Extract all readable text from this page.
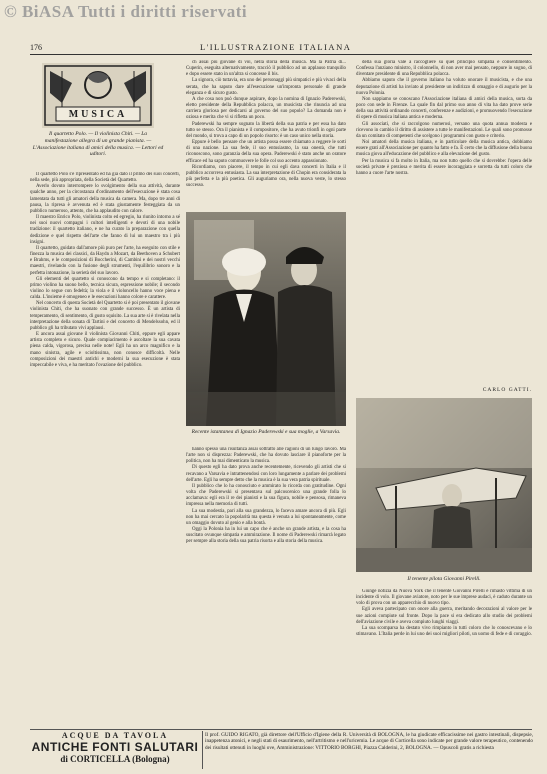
© BiASA Tutti i diritti riservati
176	L'ILLUSTRAZIONE ITALIANA
MUSICA
Il quartetto Polo. — Il violinista Chiti. — La manifestazione allegra di un grande pianista. — L'Associazione italiana di amici della musica. — Lettori ed uditori.

Il quartetto Polo s'è ripresentato ed ha già dato il primo dei suoi concerti, nella sede, più appropriata, della Società del Quartetto.

Averlo dovuto interrompere lo svolgimento della sua attività, durante qualche anno, per la circostanza d'ordinamento dell'esecuzione è stata cosa lamentata da tutti gli amatori della musica da camera. Ma, dopo tre anni di pausa, la ripresa è avvenuta ed è stata giustamente festeggiata da un pubblico numeroso, attento, che ha applaudito con calore.

Il maestro Enrico Polo, violinista colto ed egregio, ha riunito intorno a sé nei suoi nuovi compagni i cultori intelligenti e devoti di una nobile tradizione: il quartetto italiano, e ne ha curato la preparazione con quella dedizione e quel rispetto dell'arte che fanno di lui un maestro tra i più insigni.

Il quartetto, guidato dall'amore più puro per l'arte, ha eseguito con stile e finezza la musica dei classici, da Haydn a Mozart, da Beethoven a Schubert e Brahms, e le composizioni di Boccherini, di Cambini e dei nostri vecchi maestri, rivelando con la fusione degli strumenti, l'equilibrio sonoro e la perfetta intonazione, la serietà del suo lavoro.

Gli elementi del quartetto si conoscono da tempo e si completano: il primo violino ha suono bello, tecnica sicura, espressione nobile; il secondo violino lo segue con fedeltà; la viola e il violoncello hanno voce piena e calda. L'insieme è omogeneo e le esecuzioni hanno colore e carattere.

Nel concerto di questa Società del Quartetto si è poi presentato il giovane violinista Chiti, che ha suonato con grande successo. È un artista di temperamento, di sentimento, di gusto squisito. La sua arte si è rivelata nella interpretazione della sonata di Tartini e del concerto di Mendelssohn, ed il pubblico gli ha tributato vivi applausi.

E ancora assai giovane il violinista Giovanni Chiti, eppure egli appare artista completo e sicuro. Quale compiacimento è ascoltare la sua cavata piena calda, vigorosa, precisa nelle note! Egli ha un arco magnifico e la mano sinistra, agile e scioltissima, non conosce difficoltà. Nelle composizioni dei maestri antichi e moderni la sua esecuzione è stata impeccabile e viva, e ha meritato l'ovazione del pubblico.

ch assai più giovane di voi, nella storia della musica. Ma la Patria di... Cuperin, eseguita alternativamente, tracciò il pubblico ad un applauso tranquillo e dopo essere stato in un'altra si concesse il bis.

La signora, ciò tuttavia, era uno dei personaggi più simpatici e più vivaci della serata, che ha saputo dare all'esecuzione un'impronta personale di grande eleganza e di sicuro gusto.

A che cosa non può dunque aspirare, dopo la nomina di Ignazio Paderewski, eletto presidente della Repubblica polacca, un musicista che rinuncia ad una carriera gloriosa per dedicarsi al governo del suo popolo? La domanda non è oziosa e merita che vi si rifletta un poco.

Paderewski ha sempre sognato la libertà della sua patria e per essa ha dato tutto se stesso. Ora il pianista e il compositore, che ha avuto trionfi in ogni parte del mondo, si trova a capo di un popolo risorto: è un caso unico nella storia.

Eppure è bello pensare che un artista possa essere chiamato a reggere le sorti di una nazione. La sua fede, il suo entusiasmo, la sua onestà, che tutti riconoscono, sono garanzia della sua opera. Paderewski è stato anche un oratore efficace ed ha saputo commuovere le folle col suo accento appassionato.

Ricordiamo, con piacere, il tempo in cui egli dava concerti in Italia e il pubblico accorreva entusiasta. La sua interpretazione di Chopin era considerata la più perfetta e la più poetica. Gli auguriamo ora, nella nuova veste, lo stesso successo.

Recente istantanea di Ignazio Paderewski e sua moglie, a Varsavia.

hanno spesso una risultanza assai sottratto alle ragioni di un lungo lavoro. Ma l'arte non si disprezza: Paderewski, che ha dovuto lasciare il pianoforte per la politica, non ha mai dimenticato la musica.

Di questo egli ha dato prova anche recentemente, ricevendo gli artisti che si recavano a Varsavia e intrattenendosi con loro lungamente a parlare dei problemi dell'arte. Egli ha sempre detto che la musica è la sua vera patria spirituale.

Il pubblico che lo ha conosciuto e ammirato lo ricorda con gratitudine. Ogni volta che Paderewski si presentava sul palcoscenico una grande folla lo acclamava: egli era il re dei pianisti e la sua figura, nobile e pensosa, rimaneva impressa nella memoria di tutti.

La sua modestia, pari alla sua grandezza, lo faceva amare ancora di più. Egli non ha mai cercato la popolarità ma questa è venuta a lui spontaneamente, come un omaggio dovuto al genio e alla bontà.

Oggi la Polonia ha in lui un capo che è anche un grande artista, e la cosa ha suscitato ovunque simpatia e ammirazione. Il nome di Paderewski rimarrà legato per sempre alla storia della sua patria risorta e alla storia della musica.

della sua gloria vale a raccogliere su quel principio simpatia e consentimento. Confessa l'anziano ministro, il colonnello, di non aver mai pensato, neppure in sogno, di diventare presidente di una Repubblica polacca.

Abbiamo saputo che il governo italiano ha voluto onorare il musicista, e che una deputazione di artisti ha inviato al presidente un indirizzo di omaggio e di augurio per la nuova Polonia.

Non sappiamo se conoscano l'Associazione italiana di amici della musica, sorta da poco con sede in Firenze. La quale fin dal primo suo anno di vita ha dato prove serie della sua attività ordinando concerti, conferenze e audizioni, e promuovendo l'esecuzione di opere di musica italiana antica e moderna.

Gli associati, che si raccolgono numerosi, versano una quota annua modesta e ricevono in cambio il diritto di assistere a tutte le manifestazioni. Le quali sono promosse da un comitato di competenti che scelgono i programmi con gusto e criterio.

Noi amatori della musica italiana, e in particolare della musica antica, dobbiamo essere grati all'Associazione per quanto ha fatto e fa. È certo che la diffusione della buona musica giova all'educazione del pubblico e alla elevazione del gusto.

Per la musica si fa molto in Italia, ma non tutto quello che si dovrebbe: l'opera delle società private è preziosa e merita di essere incoraggiata e sorretta da tutti coloro che hanno a cuore l'arte nostra.

CARLO GATTI.
Il tenente pilota Giovanni Pirelli.

Giunge notizia da Nuova York che il tenente Giovanni Pirelli è rimasto vittima di un incidente di volo. Il giovane aviatore, noto per le sue imprese audaci, è caduto durante un volo di prova con un apparecchio di nuovo tipo.

Egli aveva partecipato con onore alla guerra, meritando decorazioni al valore per le sue azioni compiute sul fronte. Dopo la pace si era dedicato allo studio dei problemi dell'aviazione civile e aveva compiuto lunghi viaggi.

La sua scomparsa ha destato vivo rimpianto in tutti coloro che lo conoscevano e lo stimavano. L'Italia perde in lui uno dei suoi migliori piloti, un uomo di fede e di coraggio.

ACQUE DA TAVOLA
ANTICHE FONTI SALUTARI
di CORTICELLA (Bologna)
Il prof. GUIDO RIGATO, già direttore dell'Ufficio d'Igiene della R. Università di BOLOGNA, le ha giudicate efficacissime nei gastro intestinali, dispepsie, inappetenza atonici, e negli stati di esaurimento, nell'artritismo e nell'uricemia. Le acque di Corticella sono indicate per grande valore terapeutico, contenendo dei risultati ottenuti in luoghi ove, Amministrazione: VITTORIO BORGHI, Piazza Calderini, 2, BOLOGNA. — Opuscoli gratis a richiesta
